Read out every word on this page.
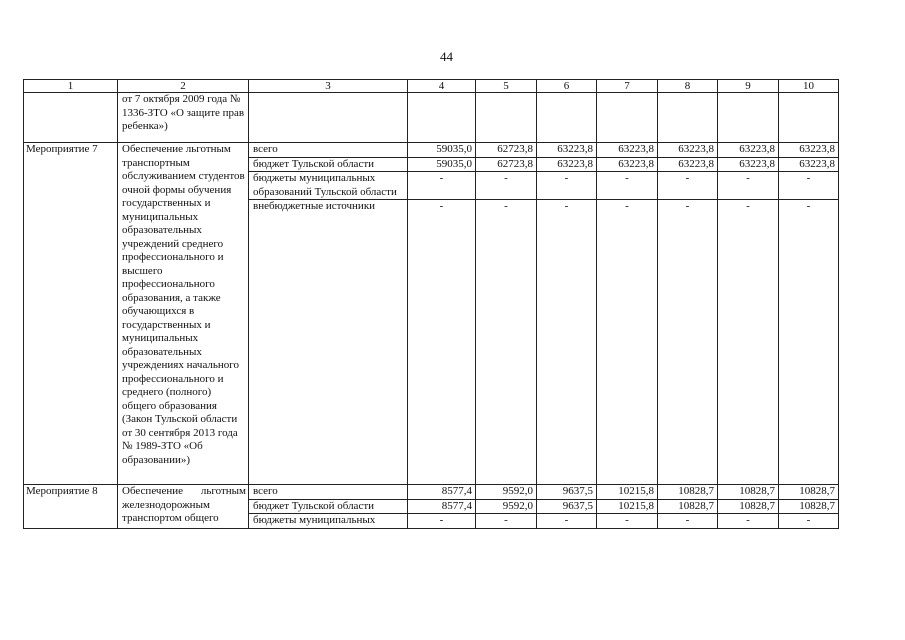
44
1	2	3	4	5	6	7	8	9	10
	от 7 октября 2009 года № 1336-ЗТО «О защите прав ребенка»)								
Мероприятие 7	Обеспечение льготным транспортным обслуживанием студентов очной формы обучения государственных и муниципальных образовательных учреждений среднего профессионального и высшего профессионального образования, а также обучающихся в государственных и муниципальных образовательных учреждениях начального профессионального и среднего (полного) общего образования (Закон Тульской области от 30 сентября 2013 года № 1989-ЗТО «Об образовании»)	всего	59035,0	62723,8	63223,8	63223,8	63223,8	63223,8	63223,8
		бюджет Тульской области	59035,0	62723,8	63223,8	63223,8	63223,8	63223,8	63223,8
		бюджеты муниципальных образований Тульской области	-	-	-	-	-	-	-
		внебюджетные источники	-	-	-	-	-	-	-
Мероприятие 8	Обеспечение льготным железнодорожным транспортом общего	всего	8577,4	9592,0	9637,5	10215,8	10828,7	10828,7	10828,7
		бюджет Тульской области	8577,4	9592,0	9637,5	10215,8	10828,7	10828,7	10828,7
		бюджеты муниципальных	-	-	-	-	-	-	-
